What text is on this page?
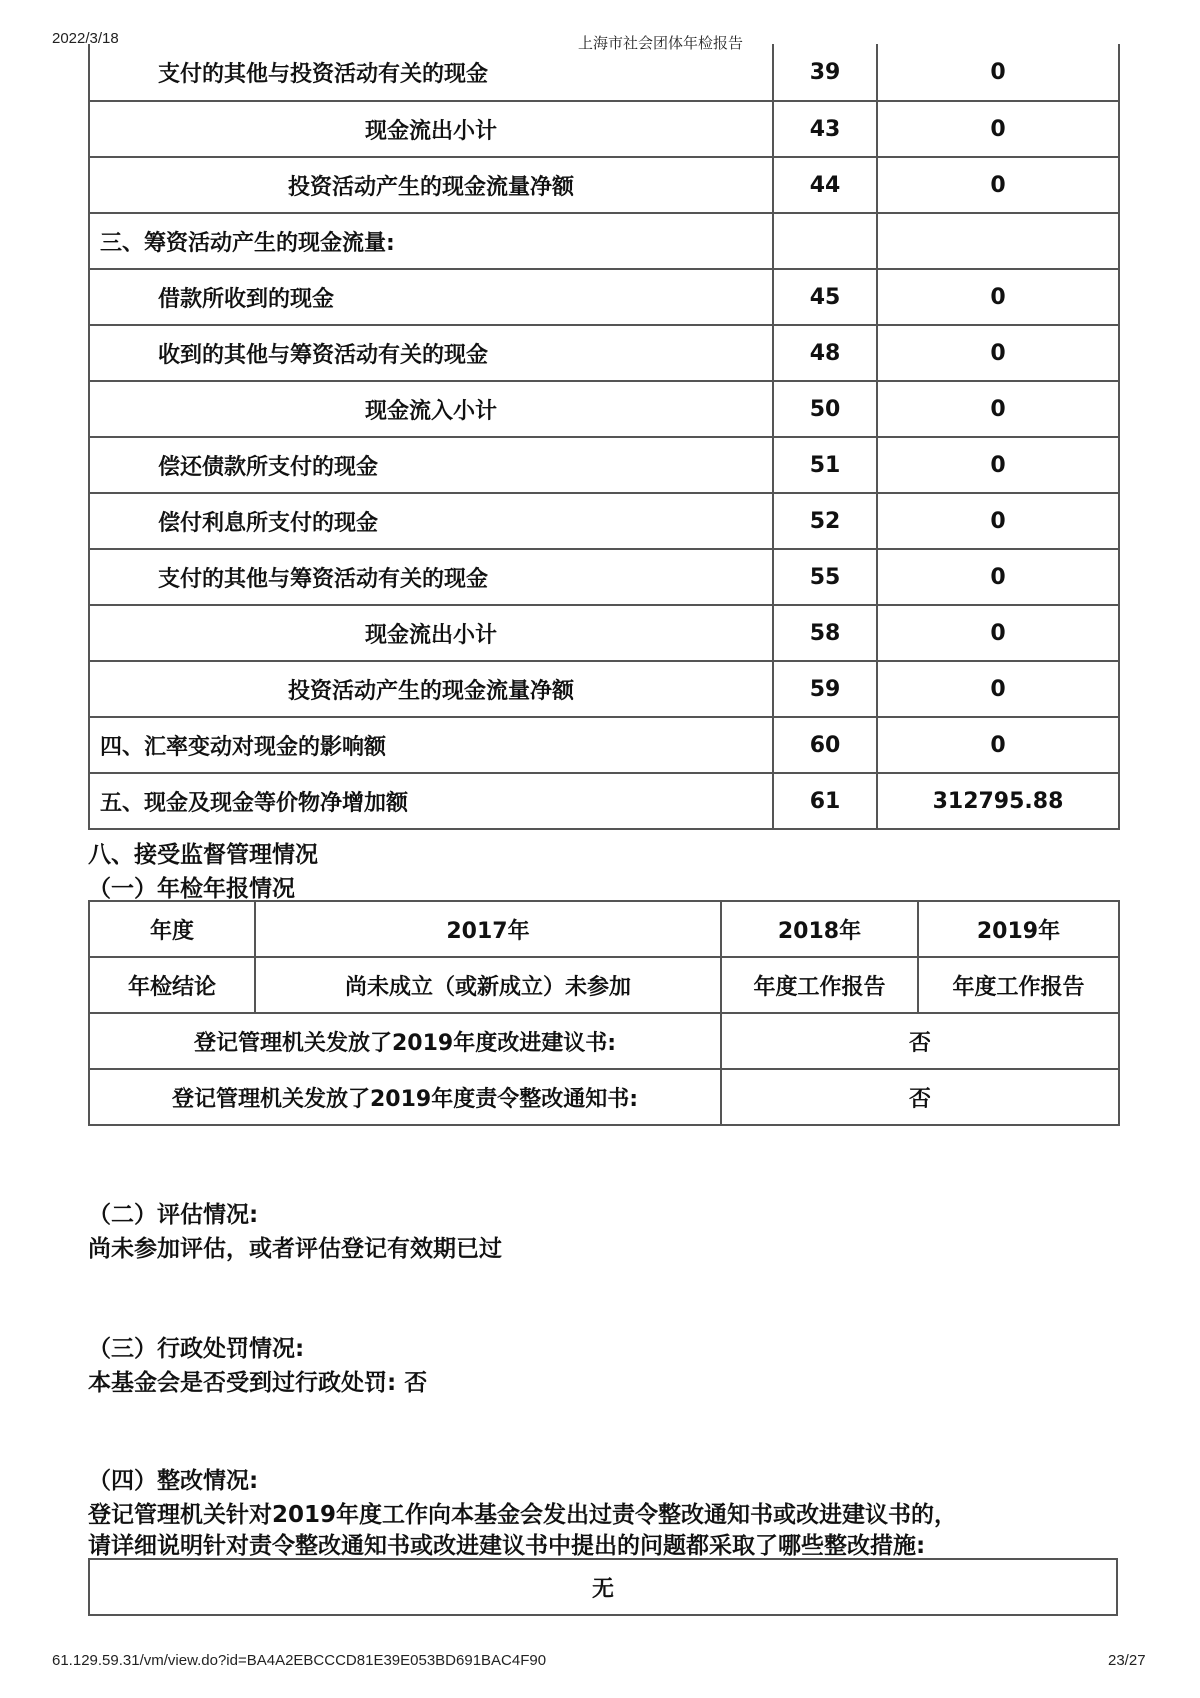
2022/3/18	上海市社会团体年检报告
支付的其他与投资活动有关的现金	39	0
现金流出小计	43	0
投资活动产生的现金流量净额	44	0
三、筹资活动产生的现金流量:		
借款所收到的现金	45	0
收到的其他与筹资活动有关的现金	48	0
现金流入小计	50	0
偿还债款所支付的现金	51	0
偿付利息所支付的现金	52	0
支付的其他与筹资活动有关的现金	55	0
现金流出小计	58	0
投资活动产生的现金流量净额	59	0
四、汇率变动对现金的影响额	60	0
五、现金及现金等价物净增加额	61	312795.88
八、接受监督管理情况
（一）年检年报情况
年度	2017年	2018年	2019年
年检结论	尚未成立（或新成立）未参加	年度工作报告	年度工作报告
登记管理机关发放了2019年度改进建议书:		否	
登记管理机关发放了2019年度责令整改通知书:		否	
（二）评估情况:
尚未参加评估，或者评估登记有效期已过
（三）行政处罚情况:
本基金会是否受到过行政处罚: 否
（四）整改情况:
登记管理机关针对2019年度工作向本基金会发出过责令整改通知书或改进建议书的，
请详细说明针对责令整改通知书或改进建议书中提出的问题都采取了哪些整改措施:
无
61.129.59.31/vm/view.do?id=BA4A2EBCCCD81E39E053BD691BAC4F90	23/27
